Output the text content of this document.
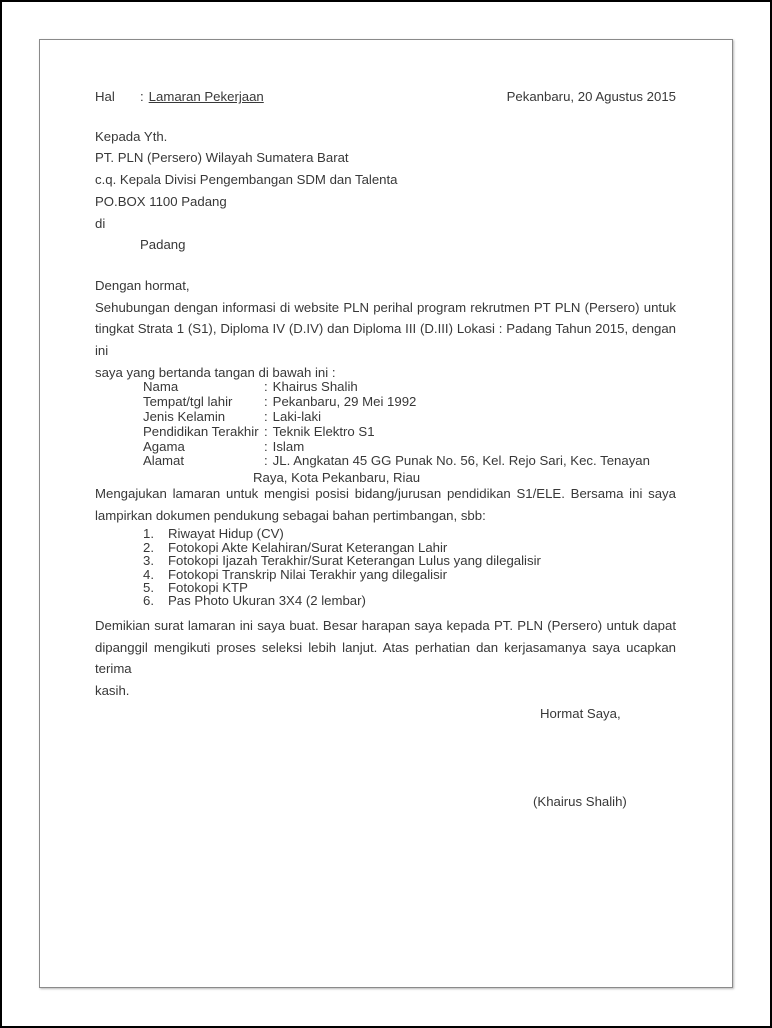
Hal	: Lamaran Pekerjaan	Pekanbaru, 20 Agustus 2015
Kepada Yth.
PT. PLN (Persero) Wilayah Sumatera Barat
c.q. Kepala Divisi Pengembangan SDM dan Talenta
PO.BOX 1100 Padang
di
Padang
Dengan hormat,
Sehubungan dengan informasi di website PLN perihal program rekrutmen PT PLN (Persero) untuk
tingkat Strata 1 (S1), Diploma IV (D.IV) dan Diploma III (D.III) Lokasi : Padang Tahun 2015, dengan ini
saya yang bertanda tangan di bawah ini :
Nama	: Khairus Shalih
Tempat/tgl lahir	: Pekanbaru, 29 Mei 1992
Jenis Kelamin	: Laki-laki
Pendidikan Terakhir : Teknik Elektro S1
Agama	: Islam
Alamat	: JL. Angkatan 45 GG Punak No. 56, Kel. Rejo Sari, Kec. Tenayan
Raya, Kota Pekanbaru, Riau
Mengajukan lamaran untuk mengisi posisi bidang/jurusan pendidikan S1/ELE. Bersama ini saya
lampirkan dokumen pendukung sebagai bahan pertimbangan, sbb:
1.	Riwayat Hidup (CV)
2.	Fotokopi Akte Kelahiran/Surat Keterangan Lahir
3.	Fotokopi Ijazah Terakhir/Surat Keterangan Lulus yang dilegalisir
4.	Fotokopi Transkrip Nilai Terakhir yang dilegalisir
5.	Fotokopi KTP
6.	Pas Photo Ukuran 3X4 (2 lembar)
Demikian surat lamaran ini saya buat. Besar harapan saya kepada PT. PLN (Persero) untuk dapat
dipanggil mengikuti proses seleksi lebih lanjut. Atas perhatian dan kerjasamanya saya ucapkan terima
kasih.
Hormat Saya,
(Khairus Shalih)
